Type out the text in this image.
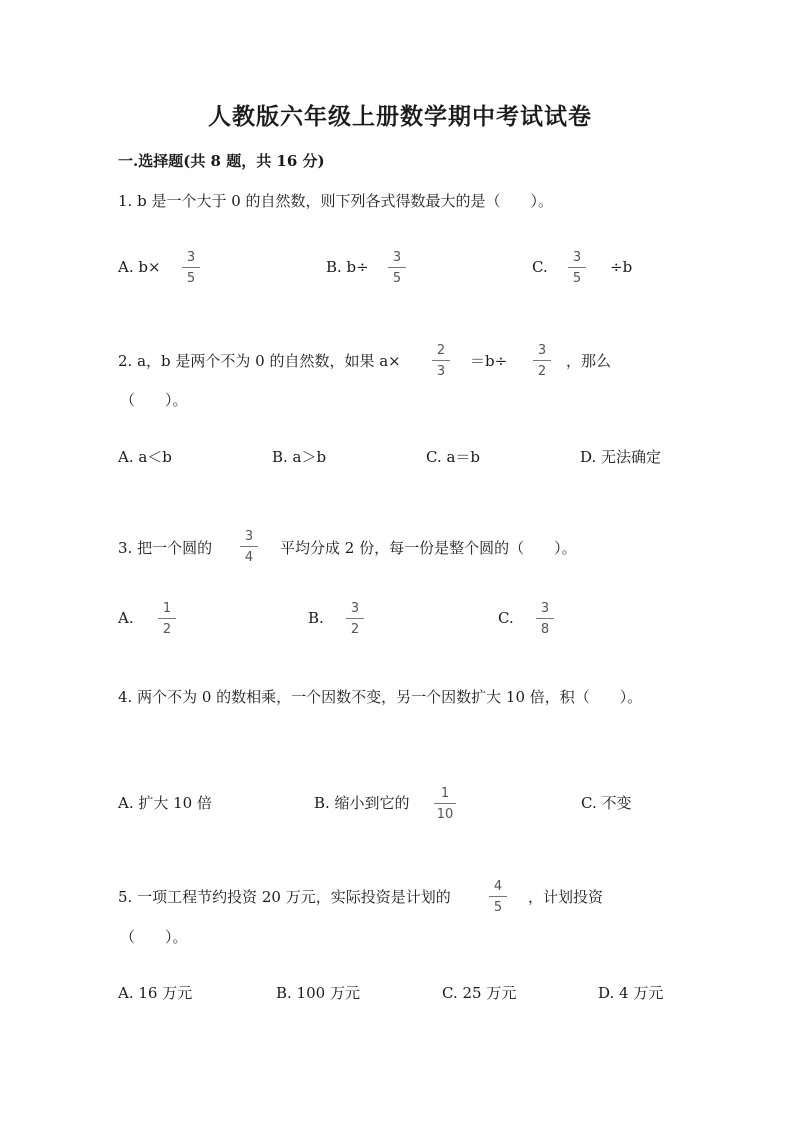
人教版六年级上册数学期中考试试卷
一.选择题(共 8 题，共 16 分)
1. b 是一个大于 0 的自然数，则下列各式得数最大的是（　　）。
A. b×
3
5
B. b÷
3
5
C.
3
5
÷b
2. a，b 是两个不为 0 的自然数，如果 a×
2
3
＝b÷
3
2
，那么
（　　）。
A. a＜b	B. a＞b	C. a＝b	D. 无法确定
3. 把一个圆的
3
4
平均分成 2 份，每一份是整个圆的（　　）。
A.
1
2
B.
3
2
C.
3
8
4. 两个不为 0 的数相乘，一个因数不变，另一个因数扩大 10 倍，积（　　）。
A. 扩大 10 倍	B. 缩小到它的
1
10
C. 不变
5. 一项工程节约投资 20 万元，实际投资是计划的
4
5
，计划投资
（　　）。
A. 16 万元	B. 100 万元	C. 25 万元	D. 4 万元
